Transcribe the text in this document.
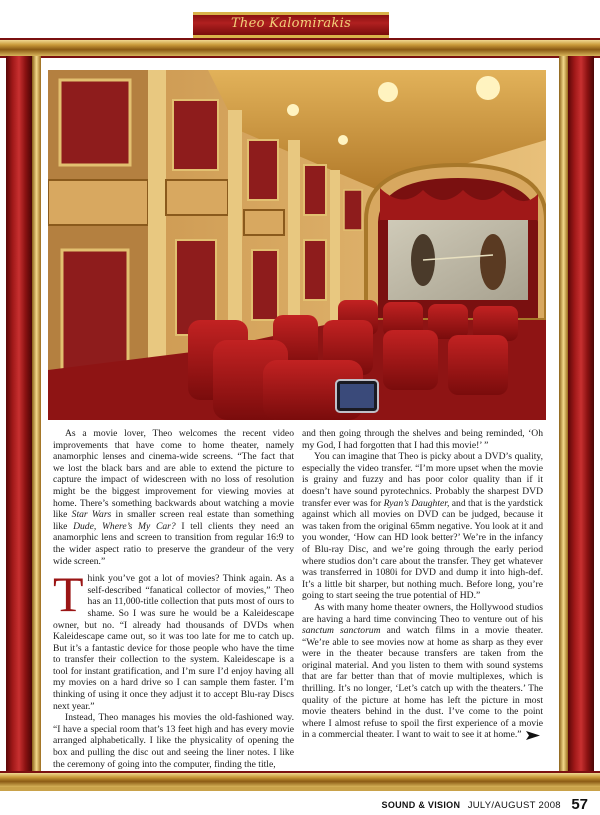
Theo Kalomirakis

As a movie lover, Theo welcomes the recent video improvements that have come to home theater, namely anamorphic lenses and cinema-wide screens. “The fact that we lost the black bars and are able to extend the picture to capture the impact of widescreen with no loss of resolution might be the biggest improvement for viewing movies at home. There’s something backwards about watching a movie like Star Wars in smaller screen real estate than something like Dude, Where’s My Car? I tell clients they need an anamorphic lens and screen to transition from regular 16:9 to the wider aspect ratio to preserve the grandeur of the very wide screen.”

Think you’ve got a lot of movies? Think again. As a self-described “fanatical collector of movies,” Theo has an 11,000-title collection that puts most of ours to shame. So I was sure he would be a Kaleidescape owner, but no. “I already had thousands of DVDs when Kaleidescape came out, so it was too late for me to catch up. But it’s a fantastic device for those people who have the time to transfer their collection to the system. Kaleidescape is a tool for instant gratification, and I’m sure I’d enjoy having all my movies on a hard drive so I can sample them faster. I’m thinking of using it once they adjust it to accept Blu-ray Discs next year.”

Instead, Theo manages his movies the old-fashioned way. “I have a special room that’s 13 feet high and has every movie arranged alphabetically. I like the physicality of opening the box and pulling the disc out and seeing the liner notes. I like the ceremony of going into the computer, finding the title,

and then going through the shelves and being reminded, ‘Oh my God, I had forgotten that I had this movie!’ ”

You can imagine that Theo is picky about a DVD’s quality, especially the video transfer. “I’m more upset when the movie is grainy and fuzzy and has poor color quality than if it doesn’t have sound pyrotechnics. Probably the sharpest DVD transfer ever was for Ryan’s Daughter, and that is the yardstick against which all movies on DVD can be judged, because it was taken from the original 65mm negative. You look at it and you wonder, ‘How can HD look better?’ We’re in the infancy of Blu-ray Disc, and we’re going through the early period where studios don’t care about the transfer. They get whatever was transferred in 1080i for DVD and dump it into high-def. It’s a little bit sharper, but nothing much. Before long, you’re going to start seeing the true potential of HD.”

As with many home theater owners, the Hollywood studios are having a hard time convincing Theo to venture out of his sanctum sanctorum and watch films in a movie theater. “We’re able to see movies now at home as sharp as they ever were in the theater because transfers are taken from the original material. And you listen to them with sound systems that are far better than that of movie multiplexes, which is thrilling. It’s no longer, ‘Let’s catch up with the theaters.’ The quality of the picture at home has left the picture in most movie theaters behind in the dust. I’ve come to the point where I almost refuse to spoil the first experience of a movie in a commercial theater. I want to wait to see it at home.”

SOUND & VISION JULY/AUGUST 2008 57
